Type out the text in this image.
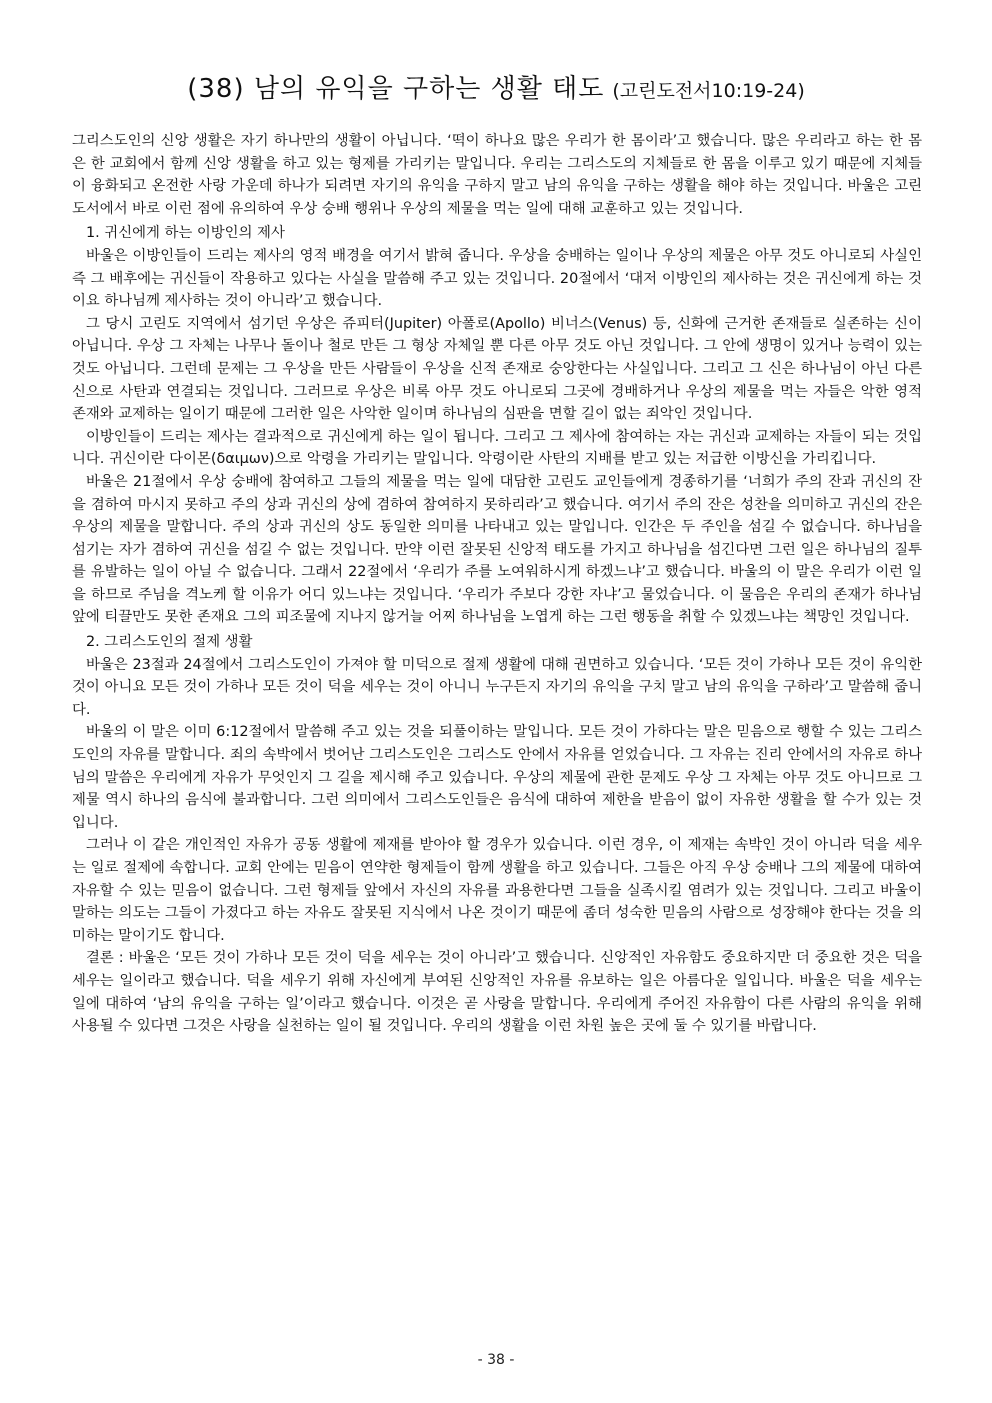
(38) 남의 유익을 구하는 생활 태도 (고린도전서10:19-24)

그리스도인의 신앙 생활은 자기 하나만의 생활이 아닙니다. ‘떡이 하나요 많은 우리가 한 몸이라’고 했습니다. 많은 우리라고 하는 한 몸은 한 교회에서 함께 신앙 생활을 하고 있는 형제를 가리키는 말입니다. 우리는 그리스도의 지체들로 한 몸을 이루고 있기 때문에 지체들이 융화되고 온전한 사랑 가운데 하나가 되려면 자기의 유익을 구하지 말고 남의 유익을 구하는 생활을 해야 하는 것입니다. 바울은 고린도서에서 바로 이런 점에 유의하여 우상 숭배 행위나 우상의 제물을 먹는 일에 대해 교훈하고 있는 것입니다.

1. 귀신에게 하는 이방인의 제사

바울은 이방인들이 드리는 제사의 영적 배경을 여기서 밝혀 줍니다. 우상을 숭배하는 일이나 우상의 제물은 아무 것도 아니로되 사실인즉 그 배후에는 귀신들이 작용하고 있다는 사실을 말씀해 주고 있는 것입니다. 20절에서 ‘대저 이방인의 제사하는 것은 귀신에게 하는 것이요 하나님께 제사하는 것이 아니라’고 했습니다.

그 당시 고린도 지역에서 섬기던 우상은 쥬피터(Jupiter) 아폴로(Apollo) 비너스(Venus) 등, 신화에 근거한 존재들로 실존하는 신이 아닙니다. 우상 그 자체는 나무나 돌이나 철로 만든 그 형상 자체일 뿐 다른 아무 것도 아닌 것입니다. 그 안에 생명이 있거나 능력이 있는 것도 아닙니다. 그런데 문제는 그 우상을 만든 사람들이 우상을 신적 존재로 숭앙한다는 사실입니다. 그리고 그 신은 하나님이 아닌 다른 신으로 사탄과 연결되는 것입니다. 그러므로 우상은 비록 아무 것도 아니로되 그곳에 경배하거나 우상의 제물을 먹는 자들은 악한 영적 존재와 교제하는 일이기 때문에 그러한 일은 사악한 일이며 하나님의 심판을 면할 길이 없는 죄악인 것입니다.

이방인들이 드리는 제사는 결과적으로 귀신에게 하는 일이 됩니다. 그리고 그 제사에 참여하는 자는 귀신과 교제하는 자들이 되는 것입니다. 귀신이란 다이몬(δαιμων)으로 악령을 가리키는 말입니다. 악령이란 사탄의 지배를 받고 있는 저급한 이방신을 가리킵니다.

바울은 21절에서 우상 숭배에 참여하고 그들의 제물을 먹는 일에 대담한 고린도 교인들에게 경종하기를 ‘너희가 주의 잔과 귀신의 잔을 겸하여 마시지 못하고 주의 상과 귀신의 상에 겸하여 참여하지 못하리라’고 했습니다. 여기서 주의 잔은 성찬을 의미하고 귀신의 잔은 우상의 제물을 말합니다. 주의 상과 귀신의 상도 동일한 의미를 나타내고 있는 말입니다. 인간은 두 주인을 섬길 수 없습니다. 하나님을 섬기는 자가 겸하여 귀신을 섬길 수 없는 것입니다. 만약 이런 잘못된 신앙적 태도를 가지고 하나님을 섬긴다면 그런 일은 하나님의 질투를 유발하는 일이 아닐 수 없습니다. 그래서 22절에서 ‘우리가 주를 노여워하시게 하겠느냐’고 했습니다. 바울의 이 말은 우리가 이런 일을 하므로 주님을 격노케 할 이유가 어디 있느냐는 것입니다. ‘우리가 주보다 강한 자냐’고 물었습니다. 이 물음은 우리의 존재가 하나님 앞에 티끌만도 못한 존재요 그의 피조물에 지나지 않거늘 어찌 하나님을 노엽게 하는 그런 행동을 취할 수 있겠느냐는 책망인 것입니다.

2. 그리스도인의 절제 생활

바울은 23절과 24절에서 그리스도인이 가져야 할 미덕으로 절제 생활에 대해 권면하고 있습니다. ‘모든 것이 가하나 모든 것이 유익한 것이 아니요 모든 것이 가하나 모든 것이 덕을 세우는 것이 아니니 누구든지 자기의 유익을 구치 말고 남의 유익을 구하라’고 말씀해 줍니다.

바울의 이 말은 이미 6:12절에서 말씀해 주고 있는 것을 되풀이하는 말입니다. 모든 것이 가하다는 말은 믿음으로 행할 수 있는 그리스도인의 자유를 말합니다. 죄의 속박에서 벗어난 그리스도인은 그리스도 안에서 자유를 얻었습니다. 그 자유는 진리 안에서의 자유로 하나님의 말씀은 우리에게 자유가 무엇인지 그 길을 제시해 주고 있습니다. 우상의 제물에 관한 문제도 우상 그 자체는 아무 것도 아니므로 그 제물 역시 하나의 음식에 불과합니다. 그런 의미에서 그리스도인들은 음식에 대하여 제한을 받음이 없이 자유한 생활을 할 수가 있는 것입니다.

그러나 이 같은 개인적인 자유가 공동 생활에 제재를 받아야 할 경우가 있습니다. 이런 경우, 이 제재는 속박인 것이 아니라 덕을 세우는 일로 절제에 속합니다. 교회 안에는 믿음이 연약한 형제들이 함께 생활을 하고 있습니다. 그들은 아직 우상 숭배나 그의 제물에 대하여 자유할 수 있는 믿음이 없습니다. 그런 형제들 앞에서 자신의 자유를 과용한다면 그들을 실족시킬 염려가 있는 것입니다. 그리고 바울이 말하는 의도는 그들이 가졌다고 하는 자유도 잘못된 지식에서 나온 것이기 때문에 좀더 성숙한 믿음의 사람으로 성장해야 한다는 것을 의미하는 말이기도 합니다.

결론 : 바울은 ‘모든 것이 가하나 모든 것이 덕을 세우는 것이 아니라’고 했습니다. 신앙적인 자유함도 중요하지만 더 중요한 것은 덕을 세우는 일이라고 했습니다. 덕을 세우기 위해 자신에게 부여된 신앙적인 자유를 유보하는 일은 아름다운 일입니다. 바울은 덕을 세우는 일에 대하여 ‘남의 유익을 구하는 일’이라고 했습니다. 이것은 곧 사랑을 말합니다. 우리에게 주어진 자유함이 다른 사람의 유익을 위해 사용될 수 있다면 그것은 사랑을 실천하는 일이 될 것입니다. 우리의 생활을 이런 차원 높은 곳에 둘 수 있기를 바랍니다.

- 38 -
